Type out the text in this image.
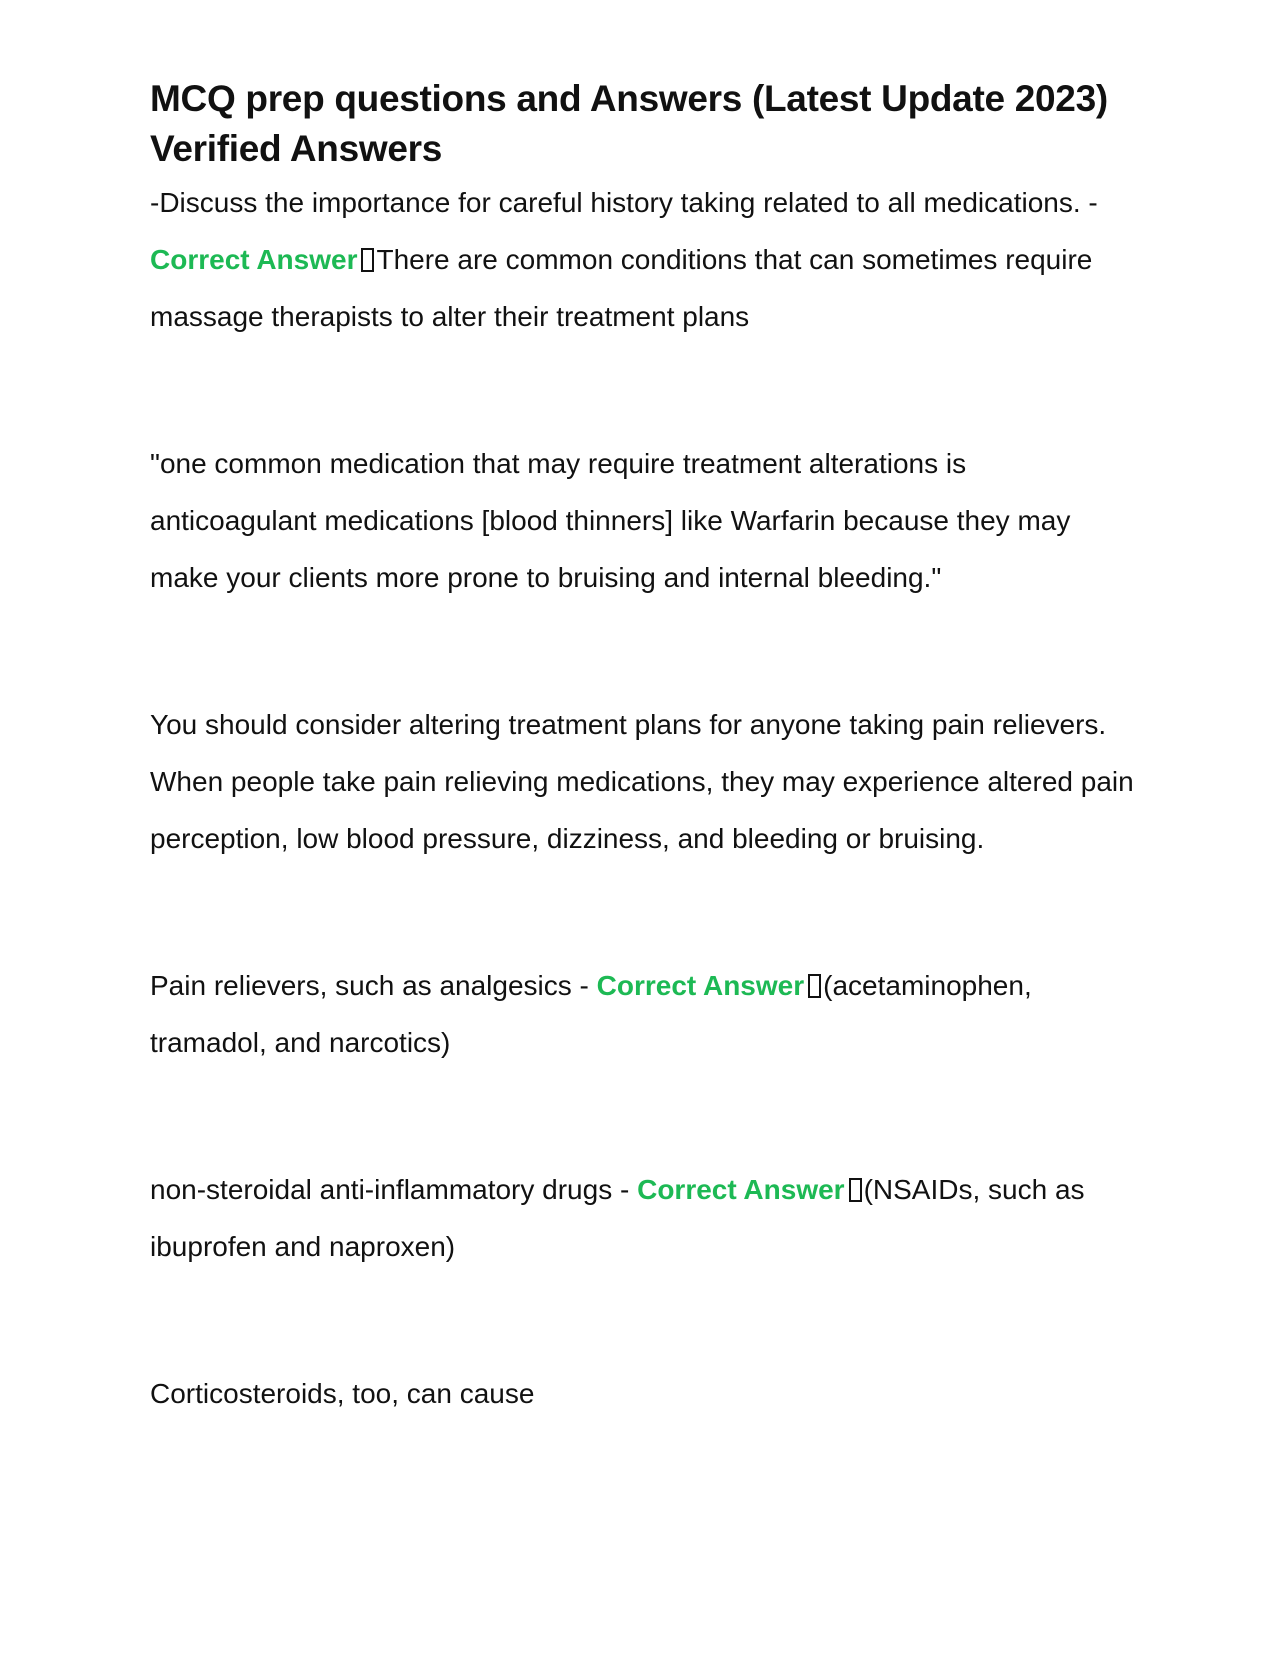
MCQ prep questions and Answers (Latest Update 2023) Verified Answers

-Discuss the importance for careful history taking related to all medications. - Correct Answer There are common conditions that can sometimes require massage therapists to alter their treatment plans

"one common medication that may require treatment alterations is anticoagulant medications [blood thinners] like Warfarin because they may make your clients more prone to bruising and internal bleeding."

You should consider altering treatment plans for anyone taking pain relievers. When people take pain relieving medications, they may experience altered pain perception, low blood pressure, dizziness, and bleeding or bruising.

Pain relievers, such as analgesics - Correct Answer (acetaminophen, tramadol, and narcotics)

non-steroidal anti-inflammatory drugs - Correct Answer (NSAIDs, such as ibuprofen and naproxen)

Corticosteroids, too, can cause
